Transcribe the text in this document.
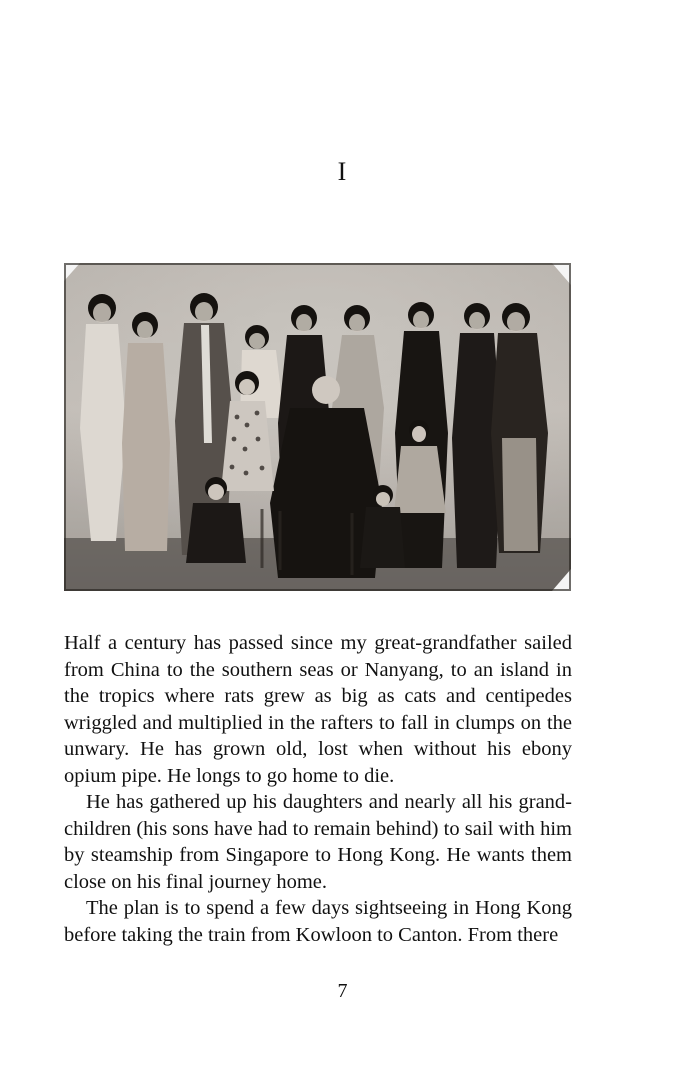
I

Half a century has passed since my great-grandfather sailed from China to the southern seas or Nanyang, to an island in the tropics where rats grew as big as cats and centipedes wriggled and multiplied in the rafters to fall in clumps on the unwary. He has grown old, lost when without his ebony opium pipe. He longs to go home to die.

He has gathered up his daughters and nearly all his grand-children (his sons have had to remain behind) to sail with him by steamship from Singapore to Hong Kong. He wants them close on his final journey home.

The plan is to spend a few days sightseeing in Hong Kong before taking the train from Kowloon to Canton. From there

7
